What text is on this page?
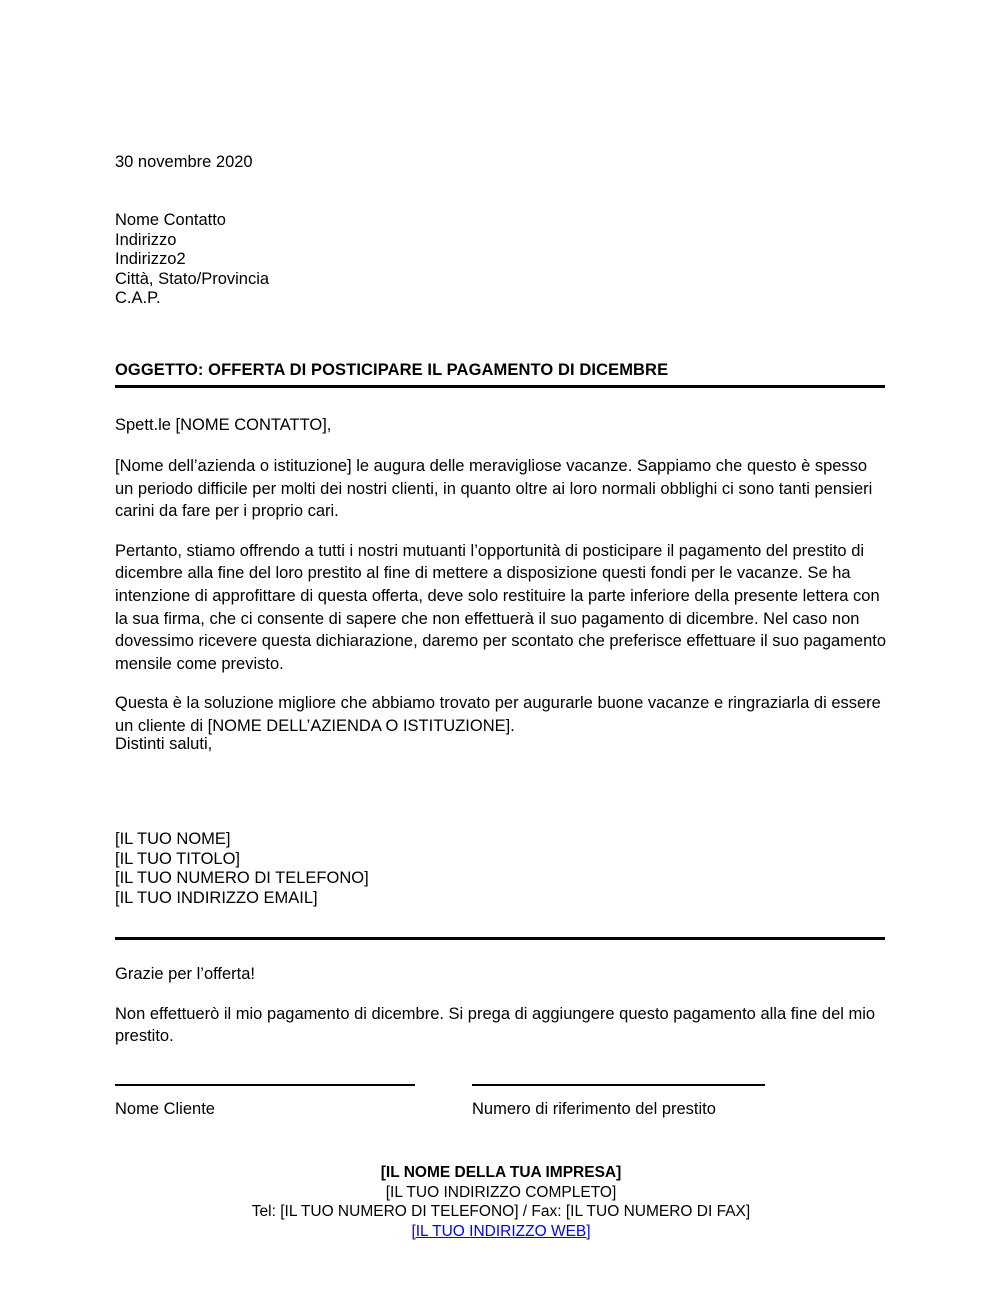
30 novembre 2020
Nome Contatto
Indirizzo
Indirizzo2
Città, Stato/Provincia
C.A.P.
OGGETTO: OFFERTA DI POSTICIPARE IL PAGAMENTO DI DICEMBRE
Spett.le [NOME CONTATTO],

[Nome dell’azienda o istituzione] le augura delle meravigliose vacanze. Sappiamo che questo è spesso un periodo difficile per molti dei nostri clienti, in quanto oltre ai loro normali obblighi ci sono tanti pensieri carini da fare per i proprio cari.

Pertanto, stiamo offrendo a tutti i nostri mutuanti l’opportunità di posticipare il pagamento del prestito di dicembre alla fine del loro prestito al fine di mettere a disposizione questi fondi per le vacanze. Se ha intenzione di approfittare di questa offerta, deve solo restituire la parte inferiore della presente lettera con la sua firma, che ci consente di sapere che non effettuerà il suo pagamento di dicembre. Nel caso non dovessimo ricevere questa dichiarazione, daremo per scontato che preferisce effettuare il suo pagamento mensile come previsto.

Questa è la soluzione migliore che abbiamo trovato per augurarle buone vacanze e ringraziarla di essere un cliente di [NOME DELL’AZIENDA O ISTITUZIONE].

Distinti saluti,
[IL TUO NOME]
[IL TUO TITOLO]
[IL TUO NUMERO DI TELEFONO]
[IL TUO INDIRIZZO EMAIL]

Grazie per l’offerta!

Non effettuerò il mio pagamento di dicembre. Si prega di aggiungere questo pagamento alla fine del mio prestito.

Nome Cliente	Numero di riferimento del prestito
[IL NOME DELLA TUA IMPRESA]
[IL TUO INDIRIZZO COMPLETO]
Tel: [IL TUO NUMERO DI TELEFONO] / Fax: [IL TUO NUMERO DI FAX]
[IL TUO INDIRIZZO WEB]
